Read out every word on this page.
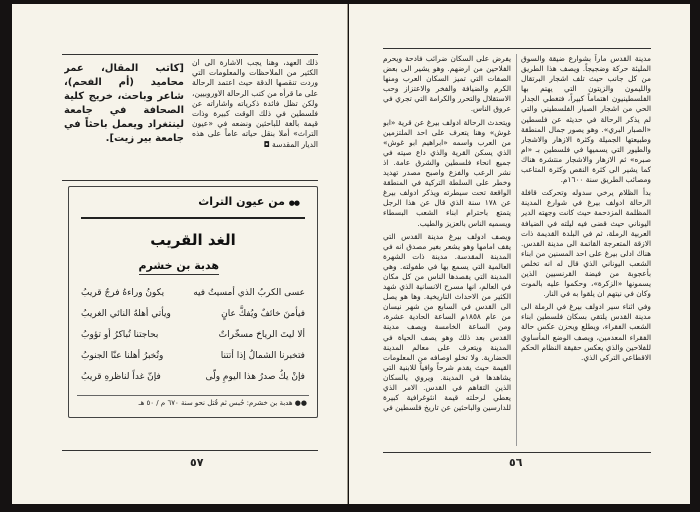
ذلك العهد، وهنا يجب الاشارة الى ان الكثير من الملاحظات والمعلومات التي وردت تنقصها الدقة حيث اعتمد الرحالة على ما قرأه من كتب الرحالة الاوروبيين، ولكن تظل فائدة ذكرياته واشاراته عن فلسطين في ذلك الوقت كبيرة وذات قيمة بالغة للباحثين ونضعه في «عيون التراث» أملا بنقل حياته عاماً على هذه الديار المقدسة ◘

[كاتب المقال، عمر محاميد (أم الفحم)، شاعر وباحث، خريج كلية الصحافة في جامعة لينتغراد ويعمل باحثاً في جامعة بير زيت].
●● من عيون التراث
الغد القريب
هدبة بن خشرم
عسى الكربُ الذي أمسيتُ فيه
يكونُ وراءهُ فرجٌ قريبُ
فيأمنَ خائفٌ ويُفكَّ عانٍ
ويأتي أهلهُ النائي الغريبُ
ألا ليتَ الرياحَ مسخّراتٌ
بحاجتنا تُباكرُ أو تؤوبُ
فتخبرنا الشمالُ إذا أتتنا
وتُخبرُ أهلنا عنّا الجنوبُ
فإنْ يكُ صدرُ هذا اليومِ ولّى
فإنّ غداً لناظرهِ قريبُ
●● هدبة بن خشرم: حُبس ثم قُتل نحو سنة ٦٧٠ م / ٥٠ هـ
٥٧

مدينة القدس ماراً بشوارع ضيقة والسوق المليئة حركة وضجيجاً. ويصف هذا الطريق من كل جانب حيث تلف اشجار البرتقال والليمون والزيتون التي يهتم بها الفلسطينيون اهتماماً كبيراً، فتغطي الجدار الحي من اشجار الصبار الفلسطيني والتي لم يذكر الرحالة في حديثه عن فلسطين «الصبار البري». وهو يصور جمال المنطقة وطبيعتها الجميلة وكثرة الازهار والاشجار والطيور التي يسميها في فلسطين بـ «ام صبره» ثم الازهار والاشجار منتشرة هناك كما يشير الى كثرة النقص وكثرة المتاعب ومصائب الطريق سنة ١٦٠٠م.

بدأ الظلام يرخي سدوله وتحركت قافلة الرحالة ادولف بيرغ في شوارع المدينة المظلمة المزدحمة حيث كانت وجهته الدير اليوناني حيث قضى فيه ليلته في الضيافة العربية الرملة، ثم في البلدة القديمة ذات الازقة المتعرجة القاتمة الى مدينة القدس. هناك ادلى بيرغ على احد المسنين من ابناء الشعب اليوناني الذي قال له انه تخلص بأعجوبة من فيضة القرنسيين الذين يسمونها «الزكرة»، وحكموا عليه بالموت وكان في نيتهم ان يلقوا به في النار.

وفي اثناء سير ادولف بيرغ في الرملة الى مدينة القدس يلتقي بسكان فلسطين ابناء الشعب الفقراء، ويطلع ويحزن عكس حالة الفقراء المعدمين، ويصف الوضع المأساوي للفلاحين والذي يعكس حقيقة النظام الحكم الاقطاعي التركي الذي.

يفرض على السكان ضرائب فادحة ويحرم الفلاحين من ارضهم. وهو يشير الى بعض الصفات التي تميز السكان العرب ومنها الكرم والضيافة والفخر والاعتزاز وحب الاستقلال والتحرر والكرامة التي تجري في عروق الناس.

ويتحدث الرحالة ادولف بيرغ عن قرية «ابو غوش» وهنا يتعرف على احد الملتزمين من العرب واسمه «ابراهيم ابو غوش» الذي يسكن القرية والذي داع صيته في جميع انحاء فلسطين والشرق عامة. اذ نشر الرعب والفزع واصبح مصدر تهديد وخطر على السلطة التركية في المنطقة الواقعة تحت سيطرته ويذكر ادولف بيرغ عن ١٧٨ سنة الذي قال عن هذا الرجل يتمتع باحترام ابناء الشعب البسطاء ويسميه الناس بالعزيز والطيب.

ويصف ادولف بيرغ مدينة القدس التي يقف امامها وهو يشعر بغير مصدق انه في المدينة المقدسة. مدينة ذات الشهرة العالمية التي يسمع بها في طفولته. وهي المدينة التي يقصدها الناس من كل مكان في العالم، انها مسرح الانسانية الذي شهد الكثير من الاحداث التاريخية. وها هو يصل الى القدس في السابع من شهر نيسان من عام ١٨٥٨م الساعة الحادية عشرة، ومن الساعة الخامسة ويصف مدينة القدس بعد ذلك وهو يصف الحياة في المدينة ويتعرف على معالم المدينة الحضارية. ولا تخلو اوصافه من المعلومات القيمة حيث يقدم شرحاً وافياً للابنية التي يشاهدها في المدينة. ويروي بالسكان الذين التقاهم في القدس. الامر الذي يعطي لرحلته قيمة انثوغرافية كبيرة للدارسين والباحثين عن تاريخ فلسطين في

٥٦
